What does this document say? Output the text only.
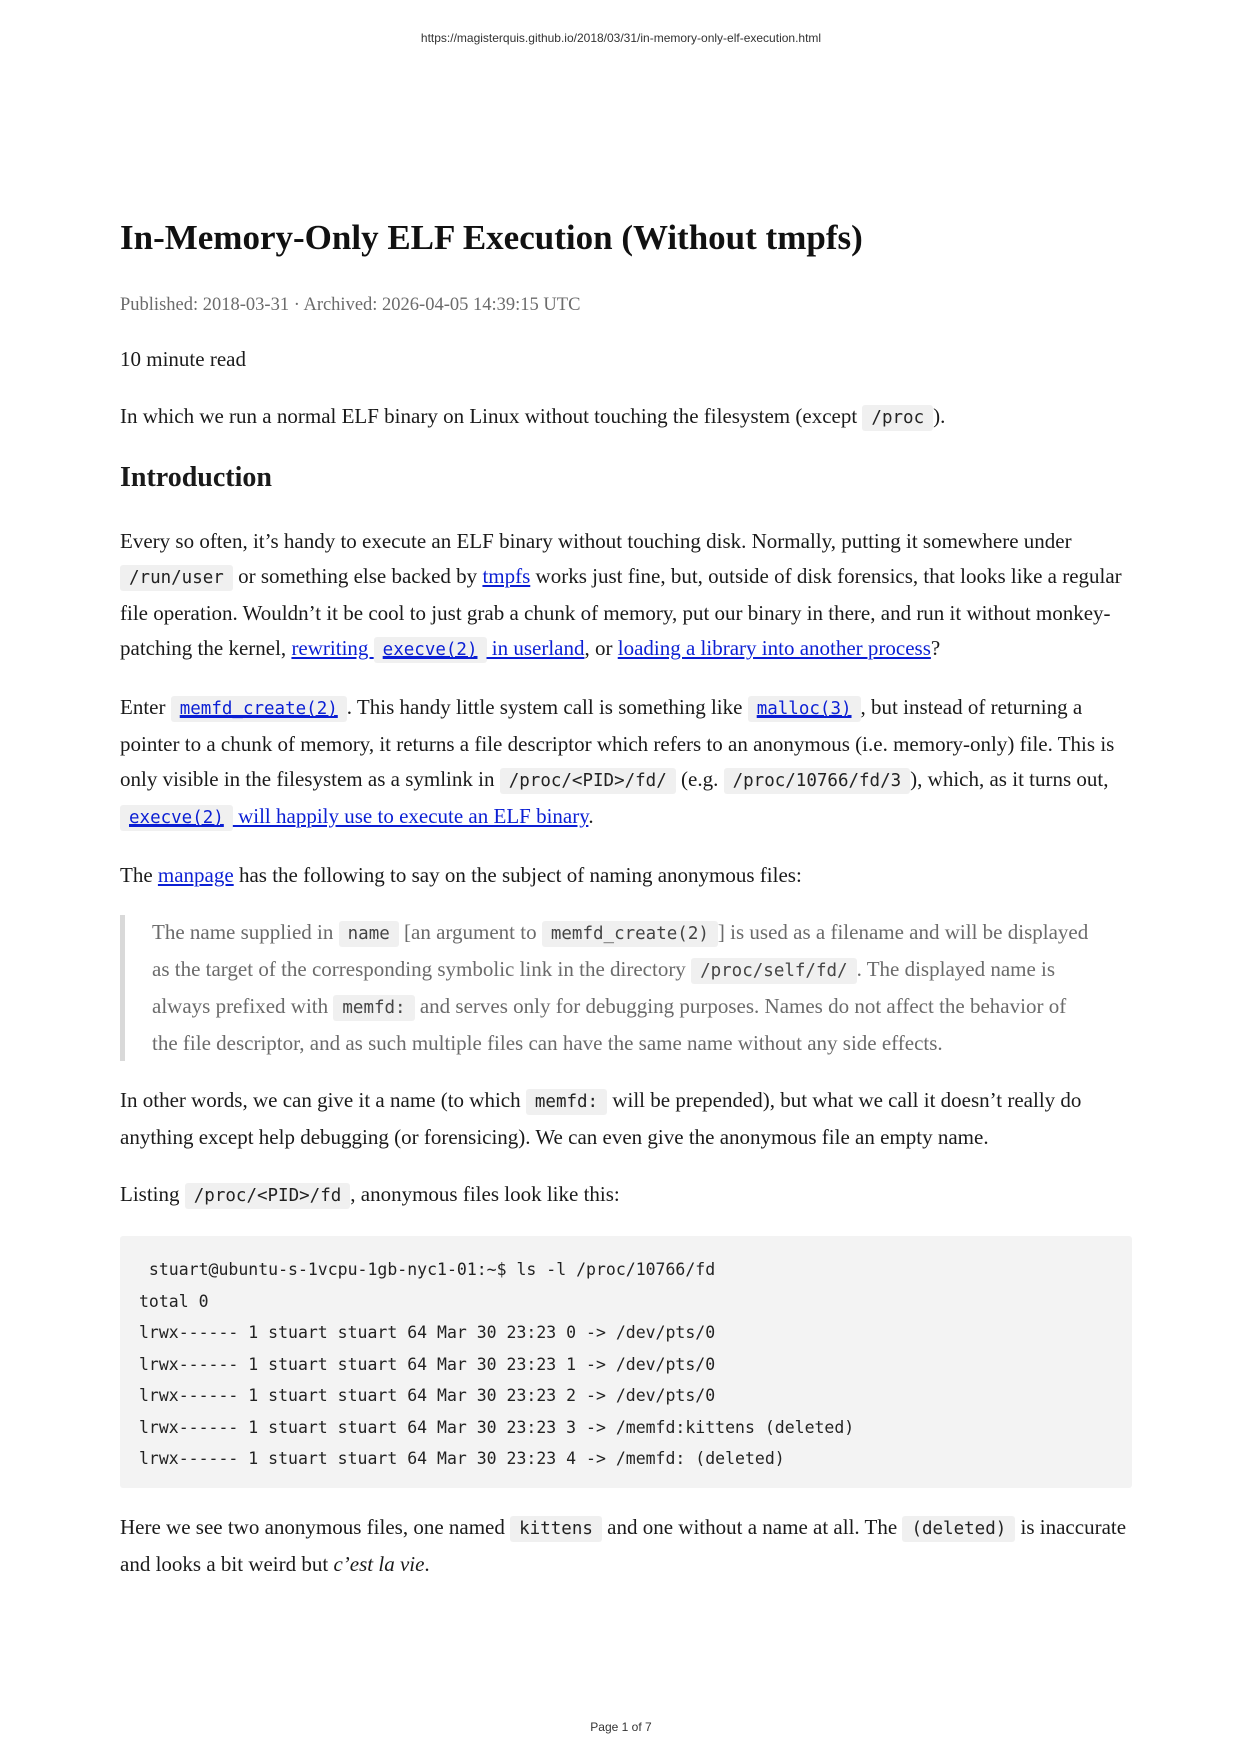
https://magisterquis.github.io/2018/03/31/in-memory-only-elf-execution.html
In-Memory-Only ELF Execution (Without tmpfs)
Published: 2018-03-31 · Archived: 2026-04-05 14:39:15 UTC

10 minute read

In which we run a normal ELF binary on Linux without touching the filesystem (except /proc ).

Introduction

Every so often, it’s handy to execute an ELF binary without touching disk. Normally, putting it somewhere under /run/user or something else backed by tmpfs works just fine, but, outside of disk forensics, that looks like a regular file operation. Wouldn’t it be cool to just grab a chunk of memory, put our binary in there, and run it without monkey-patching the kernel, rewriting execve(2) in userland, or loading a library into another process?

Enter memfd_create(2) . This handy little system call is something like malloc(3) , but instead of returning a pointer to a chunk of memory, it returns a file descriptor which refers to an anonymous (i.e. memory-only) file. This is only visible in the filesystem as a symlink in /proc/<PID>/fd/ (e.g. /proc/10766/fd/3 ), which, as it turns out, execve(2) will happily use to execute an ELF binary.

The manpage has the following to say on the subject of naming anonymous files:

The name supplied in name [an argument to memfd_create(2) ] is used as a filename and will be displayed as the target of the corresponding symbolic link in the directory /proc/self/fd/ . The displayed name is always prefixed with memfd: and serves only for debugging purposes. Names do not affect the behavior of the file descriptor, and as such multiple files can have the same name without any side effects.

In other words, we can give it a name (to which memfd: will be prepended), but what we call it doesn’t really do anything except help debugging (or forensicing). We can even give the anonymous file an empty name.

Listing /proc/<PID>/fd , anonymous files look like this:

stuart@ubuntu-s-1vcpu-1gb-nyc1-01:~$ ls -l /proc/10766/fd
total 0
lrwx------ 1 stuart stuart 64 Mar 30 23:23 0 -> /dev/pts/0
lrwx------ 1 stuart stuart 64 Mar 30 23:23 1 -> /dev/pts/0
lrwx------ 1 stuart stuart 64 Mar 30 23:23 2 -> /dev/pts/0
lrwx------ 1 stuart stuart 64 Mar 30 23:23 3 -> /memfd:kittens (deleted)
lrwx------ 1 stuart stuart 64 Mar 30 23:23 4 -> /memfd: (deleted)

Here we see two anonymous files, one named kittens and one without a name at all. The (deleted) is inaccurate and looks a bit weird but c’est la vie.

Page 1 of 7
